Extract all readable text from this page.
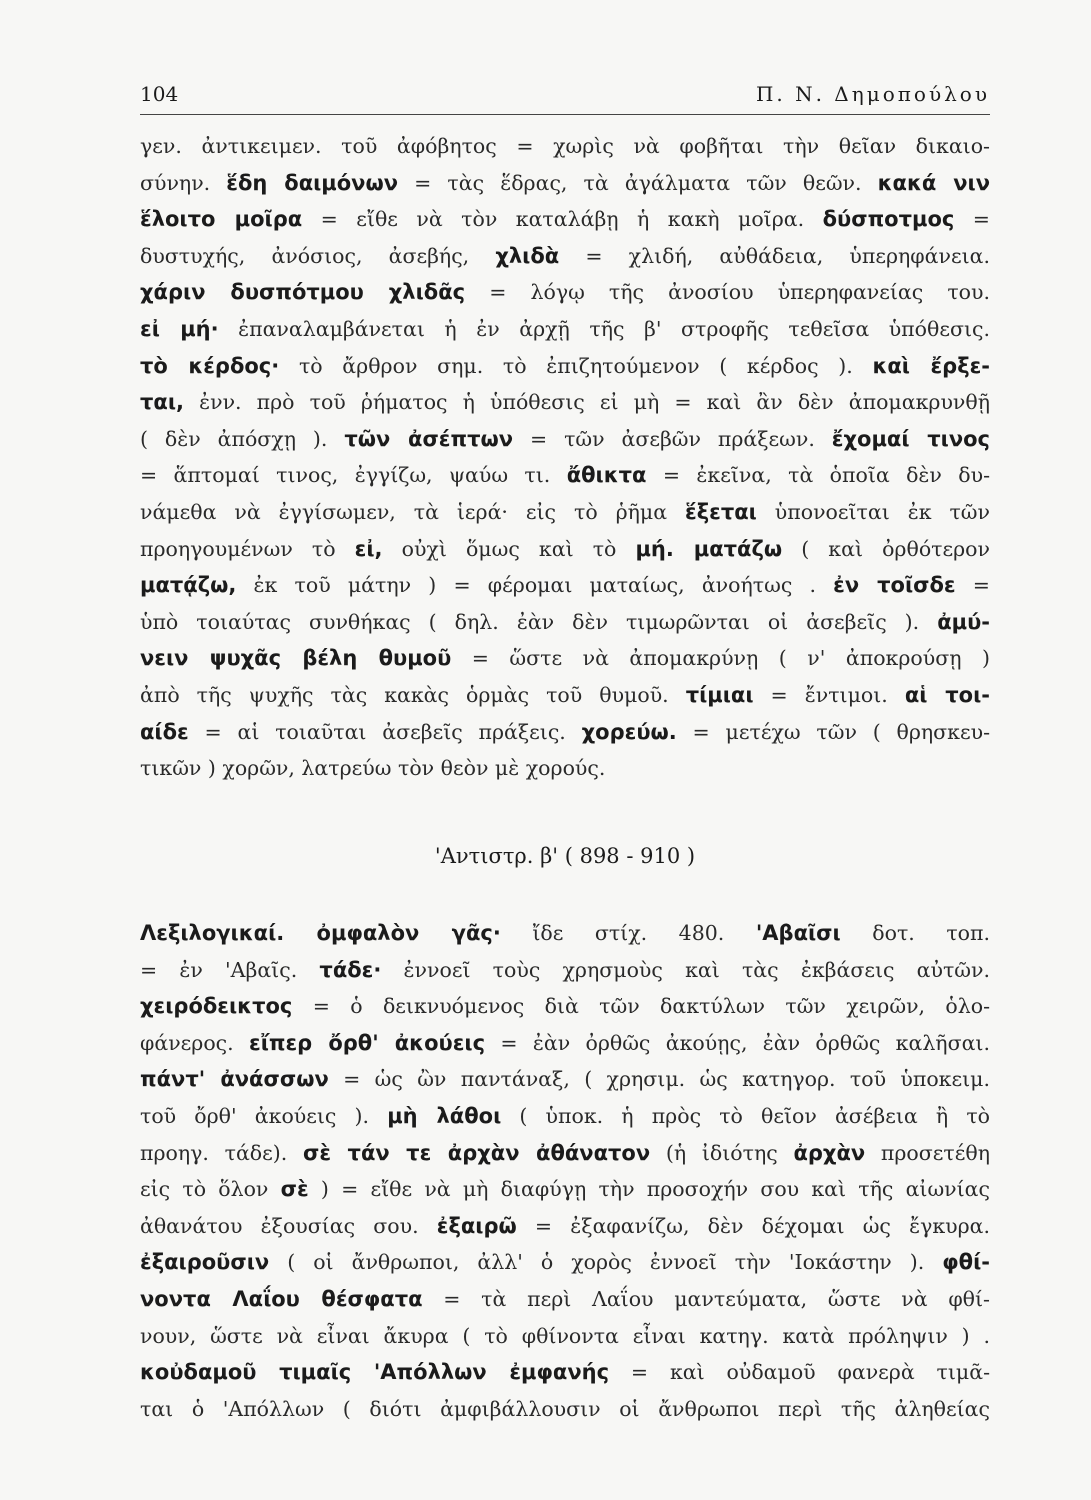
104	Π. Ν. Δημοπούλου
γεν. ἀντικειμεν. τοῦ ἀφόβητος = χωρὶς νὰ φοβῆται τὴν θεῖαν δικαιο-
σύνην. ἕδη δαιμόνων = τὰς ἕδρας, τὰ ἀγάλματα τῶν θεῶν. κακά νιν
ἕλοιτο μοῖρα = εἴθε νὰ τὸν καταλάβῃ ἡ κακὴ μοῖρα. δύσποτμος =
δυστυχής, ἀνόσιος, ἀσεβής, χλιδὰ = χλιδή, αὐθάδεια, ὑπερηφάνεια.
χάριν δυσπότμου χλιδᾶς = λόγῳ τῆς ἀνοσίου ὑπερηφανείας του.
εἰ μή· ἐπαναλαμβάνεται ἡ ἐν ἀρχῇ τῆς β' στροφῆς τεθεῖσα ὑπόθεσις.
τὸ κέρδος· τὸ ἄρθρον σημ. τὸ ἐπιζητούμενον ( κέρδος ). καὶ ἔρξε-
ται, ἐνν. πρὸ τοῦ ῥήματος ἡ ὑπόθεσις εἰ μὴ = καὶ ἂν δὲν ἀπομακρυνθῇ
( δὲν ἀπόσχῃ ). τῶν ἀσέπτων = τῶν ἀσεβῶν πράξεων. ἔχομαί τινος
= ἅπτομαί τινος, ἐγγίζω, ψαύω τι. ἄθικτα = ἐκεῖνα, τὰ ὁποῖα δὲν δυ-
νάμεθα νὰ ἐγγίσωμεν, τὰ ἱερά· εἰς τὸ ῥῆμα ἕξεται ὑπονοεῖται ἐκ τῶν
προηγουμένων τὸ εἰ, οὐχὶ ὅμως καὶ τὸ μή. ματάζω ( καὶ ὀρθότερον
ματᾴζω, ἐκ τοῦ μάτην ) = φέρομαι ματαίως, ἀνοήτως . ἐν τοῖσδε =
ὑπὸ τοιαύτας συνθήκας ( δηλ. ἐὰν δὲν τιμωρῶνται οἱ ἀσεβεῖς ). ἀμύ-
νειν ψυχᾶς βέλη θυμοῦ = ὥστε νὰ ἀπομακρύνῃ ( ν' ἀποκρούσῃ )
ἀπὸ τῆς ψυχῆς τὰς κακὰς ὁρμὰς τοῦ θυμοῦ. τίμιαι = ἔντιμοι. αἱ τοι-
αίδε = αἱ τοιαῦται ἀσεβεῖς πράξεις. χορεύω. = μετέχω τῶν ( θρησκευ-
τικῶν ) χορῶν, λατρεύω τὸν θεὸν μὲ χορούς.
'Αντιστρ. β' ( 898 - 910 )
Λεξιλογικαί. ὀμφαλὸν γᾶς· ἴδε στίχ. 480. 'Αβαῖσι δοτ. τοπ.
= ἐν 'Αβαῖς. τάδε· ἐννοεῖ τοὺς χρησμοὺς καὶ τὰς ἐκβάσεις αὐτῶν.
χειρόδεικτος = ὁ δεικνυόμενος διὰ τῶν δακτύλων τῶν χειρῶν, ὁλο-
φάνερος. εἴπερ ὄρθ' ἀκούεις = ἐὰν ὀρθῶς ἀκούῃς, ἐὰν ὀρθῶς καλῆσαι.
πάντ' ἀνάσσων = ὡς ὢν παντάναξ, ( χρησιμ. ὡς κατηγορ. τοῦ ὑποκειμ.
τοῦ ὄρθ' ἀκούεις ). μὴ λάθοι ( ὑποκ. ἡ πρὸς τὸ θεῖον ἀσέβεια ἢ τὸ
προηγ. τάδε). σὲ τάν τε ἀρχὰν ἀθάνατον (ἡ ἰδιότης ἀρχὰν προσετέθη
εἰς τὸ ὅλον σὲ ) = εἴθε νὰ μὴ διαφύγῃ τὴν προσοχήν σου καὶ τῆς αἰωνίας
ἀθανάτου ἐξουσίας σου. ἐξαιρῶ = ἐξαφανίζω, δὲν δέχομαι ὡς ἔγκυρα.
ἐξαιροῦσιν ( οἱ ἄνθρωποι, ἀλλ' ὁ χορὸς ἐννοεῖ τὴν 'Ιοκάστην ). φθί-
νοντα Λαΐου θέσφατα = τὰ περὶ Λαΐου μαντεύματα, ὥστε νὰ φθί-
νουν, ὥστε νὰ εἶναι ἄκυρα ( τὸ φθίνοντα εἶναι κατηγ. κατὰ πρόληψιν ) .
κοὐδαμοῦ τιμαῖς 'Απόλλων ἐμφανής = καὶ οὐδαμοῦ φανερὰ τιμᾶ-
ται ὁ 'Απόλλων ( διότι ἀμφιβάλλουσιν οἱ ἄνθρωποι περὶ τῆς ἀληθείας
